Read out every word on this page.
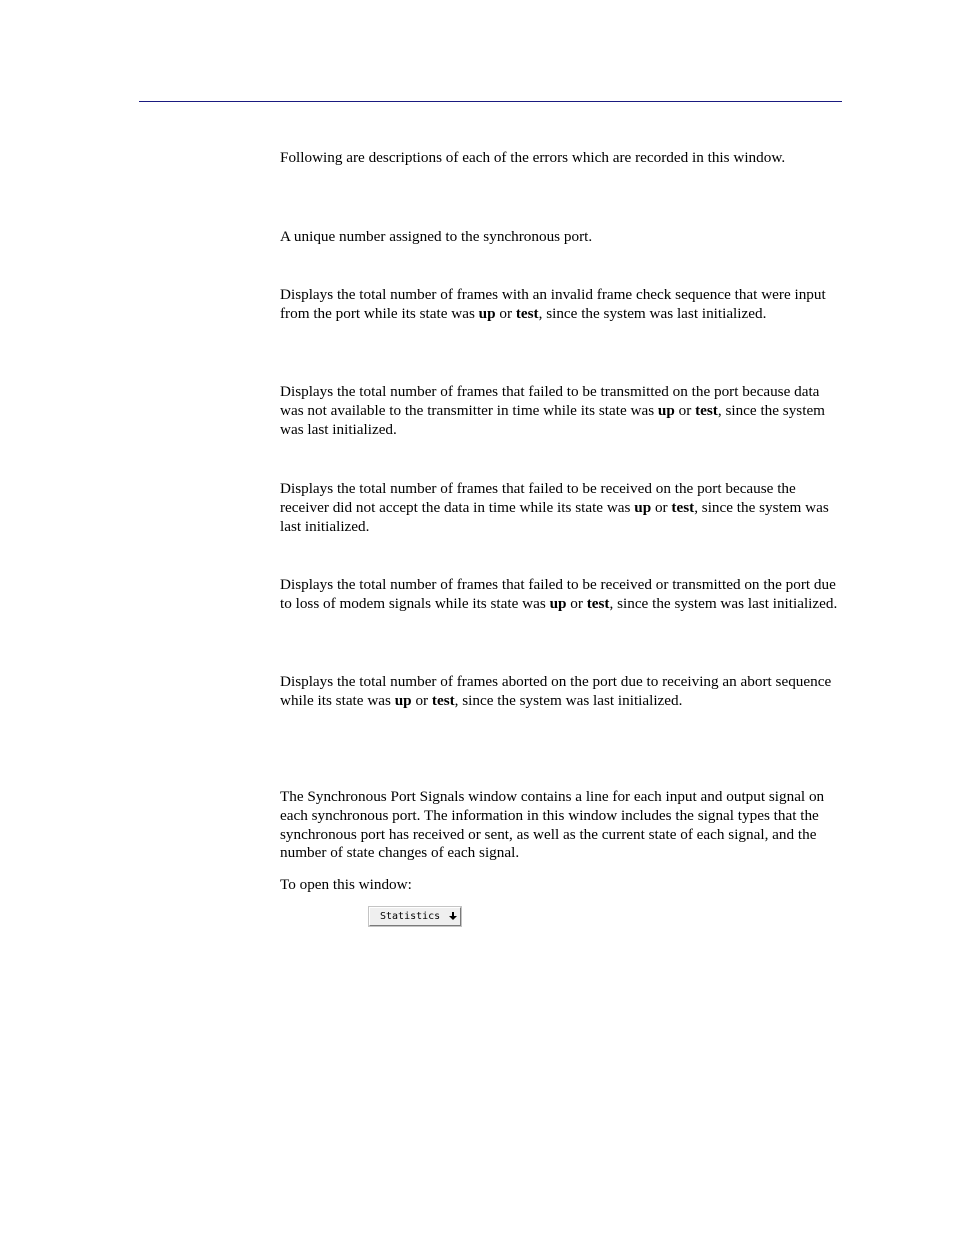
Following are descriptions of each of the errors which are recorded in this window.

A unique number assigned to the synchronous port.

Displays the total number of frames with an invalid frame check sequence that were input from the port while its state was up or test, since the system was last initialized.

Displays the total number of frames that failed to be transmitted on the port because data was not available to the transmitter in time while its state was up or test, since the system was last initialized.

Displays the total number of frames that failed to be received on the port because the receiver did not accept the data in time while its state was up or test, since the system was last initialized.

Displays the total number of frames that failed to be received or transmitted on the port due to loss of modem signals while its state was up or test, since the system was last initialized.

Displays the total number of frames aborted on the port due to receiving an abort sequence while its state was up or test, since the system was last initialized.

The Synchronous Port Signals window contains a line for each input and output signal on each synchronous port. The information in this window includes the signal types that the synchronous port has received or sent, as well as the current state of each signal, and the number of state changes of each signal.

To open this window:

Statistics
